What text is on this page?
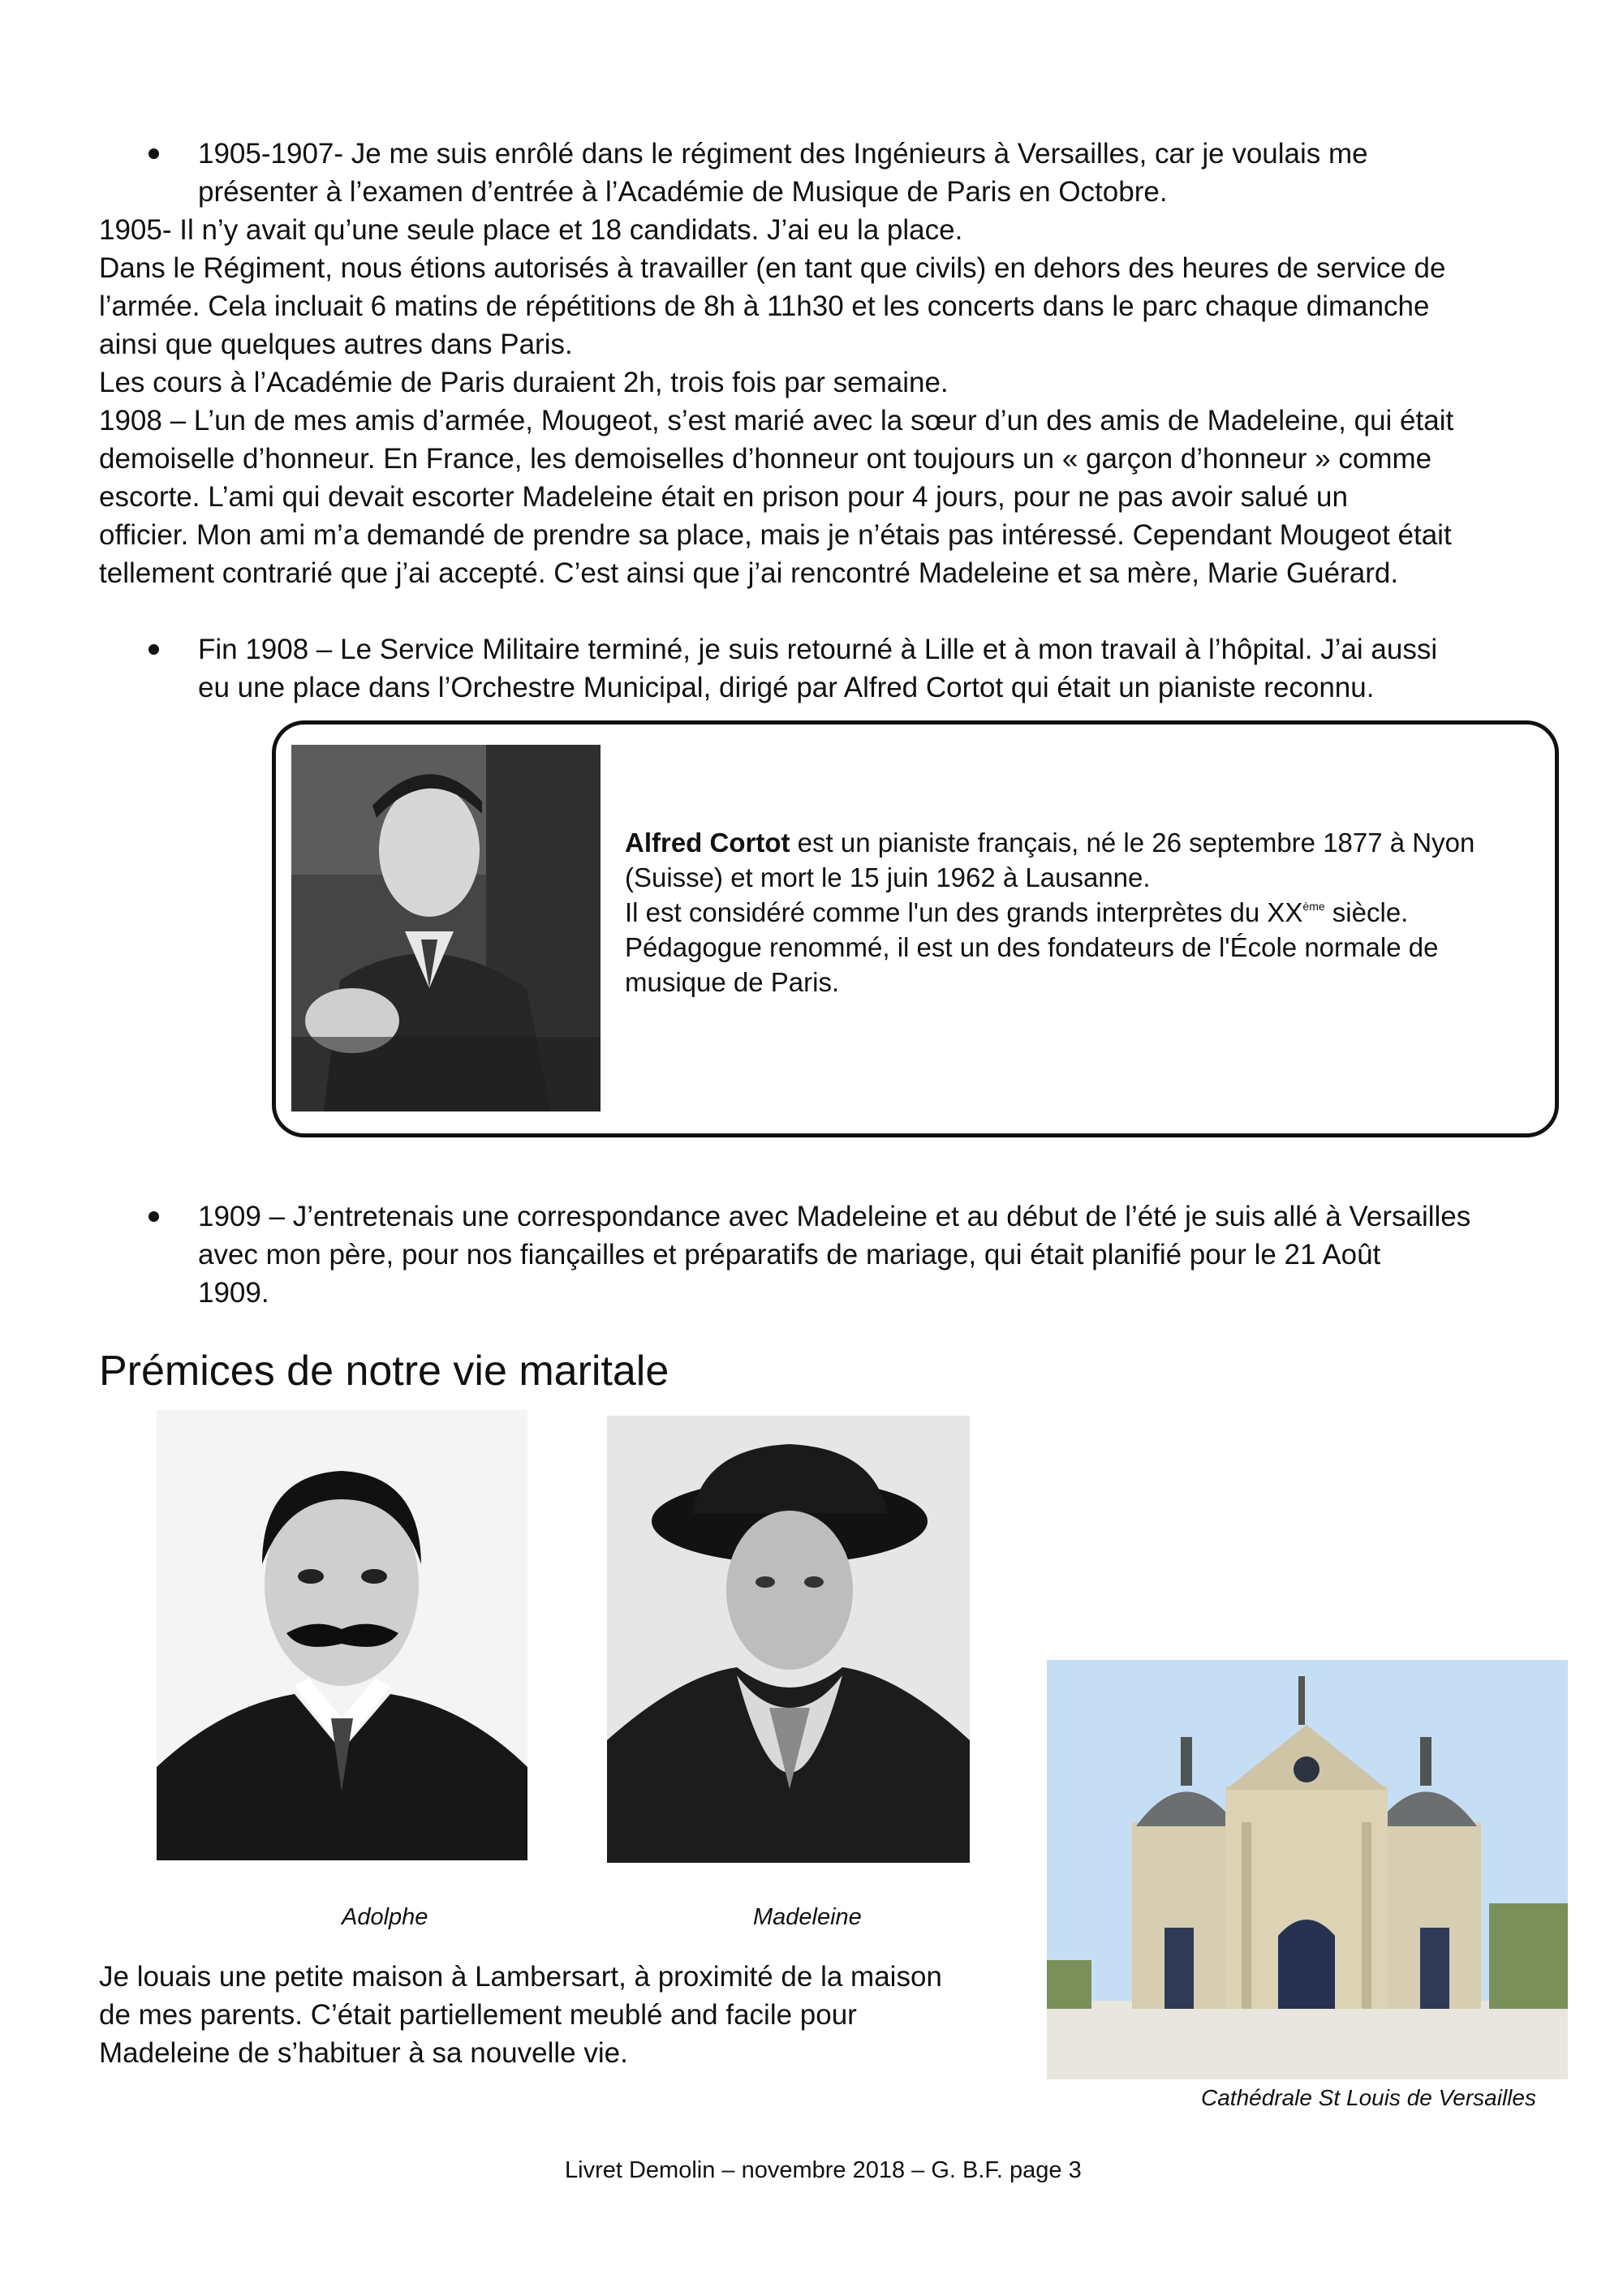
1905-1907- Je me suis enrôlé dans le régiment des Ingénieurs à Versailles, car je voulais me
présenter à l’examen d’entrée à l’Académie de Musique de Paris en Octobre.
1905- Il n’y avait qu’une seule place et 18 candidats. J’ai eu la place.
Dans le Régiment, nous étions autorisés à travailler (en tant que civils) en dehors des heures de service de
l’armée. Cela incluait 6 matins de répétitions de 8h à 11h30 et les concerts dans le parc chaque dimanche
ainsi que quelques autres dans Paris.
Les cours à l’Académie de Paris duraient 2h, trois fois par semaine.
1908 – L’un de mes amis d’armée, Mougeot, s’est marié avec la sœur d’un des amis de Madeleine, qui était
demoiselle d’honneur. En France, les demoiselles d’honneur ont toujours un « garçon d’honneur » comme
escorte. L’ami qui devait escorter Madeleine était en prison pour 4 jours, pour ne pas avoir salué un
officier. Mon ami m’a demandé de prendre sa place, mais je n’étais pas intéressé. Cependant Mougeot était
tellement contrarié que j’ai accepté. C’est ainsi que j’ai rencontré Madeleine et sa mère, Marie Guérard.
Fin 1908 – Le Service Militaire terminé, je suis retourné à Lille et à mon travail à l’hôpital. J’ai aussi
eu une place dans l’Orchestre Municipal, dirigé par Alfred Cortot qui était un pianiste reconnu.
Alfred Cortot est un pianiste français, né le 26 septembre 1877 à Nyon
(Suisse) et mort le 15 juin 1962 à Lausanne.
Il est considéré comme l'un des grands interprètes du XXème siècle.
Pédagogue renommé, il est un des fondateurs de l'École normale de
musique de Paris.
1909 – J’entretenais une correspondance avec Madeleine et au début de l’été je suis allé à Versailles
avec mon père, pour nos fiançailles et préparatifs de mariage, qui était planifié pour le 21 Août
1909.
Prémices de notre vie maritale
Adolphe	Madeleine
Cathédrale St Louis de Versailles
Je louais une petite maison à Lambersart, à proximité de la maison
de mes parents. C’était partiellement meublé and facile pour
Madeleine de s’habituer à sa nouvelle vie.
Livret Demolin – novembre 2018 – G. B.F. page 3
